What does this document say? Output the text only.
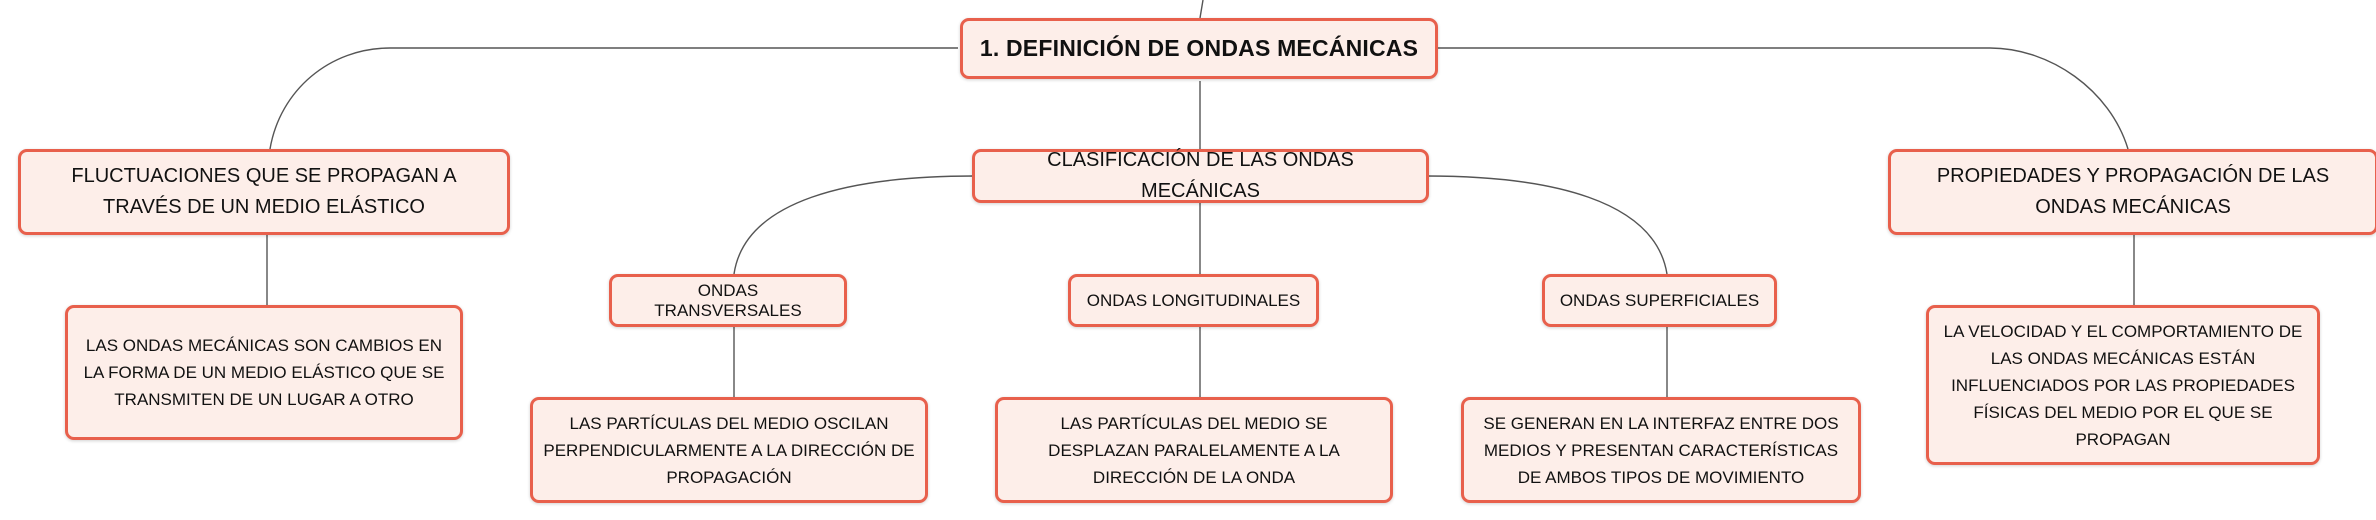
1. DEFINICIÓN DE ONDAS MECÁNICAS
FLUCTUACIONES QUE SE PROPAGAN A TRAVÉS DE UN MEDIO ELÁSTICO
CLASIFICACIÓN DE LAS ONDAS MECÁNICAS
PROPIEDADES Y PROPAGACIÓN DE LAS ONDAS MECÁNICAS
LAS ONDAS MECÁNICAS SON CAMBIOS EN LA FORMA DE UN MEDIO ELÁSTICO QUE SE TRANSMITEN DE UN LUGAR A OTRO
ONDAS TRANSVERSALES
ONDAS LONGITUDINALES	ONDAS SUPERFICIALES
LAS PARTÍCULAS DEL MEDIO OSCILAN PERPENDICULARMENTE A LA DIRECCIÓN DE PROPAGACIÓN
LAS PARTÍCULAS DEL MEDIO SE DESPLAZAN PARALELAMENTE A LA DIRECCIÓN DE LA ONDA
SE GENERAN EN LA INTERFAZ ENTRE DOS MEDIOS Y PRESENTAN CARACTERÍSTICAS DE AMBOS TIPOS DE MOVIMIENTO
LA VELOCIDAD Y EL COMPORTAMIENTO DE LAS ONDAS MECÁNICAS ESTÁN INFLUENCIADOS POR LAS PROPIEDADES FÍSICAS DEL MEDIO POR EL QUE SE PROPAGAN
